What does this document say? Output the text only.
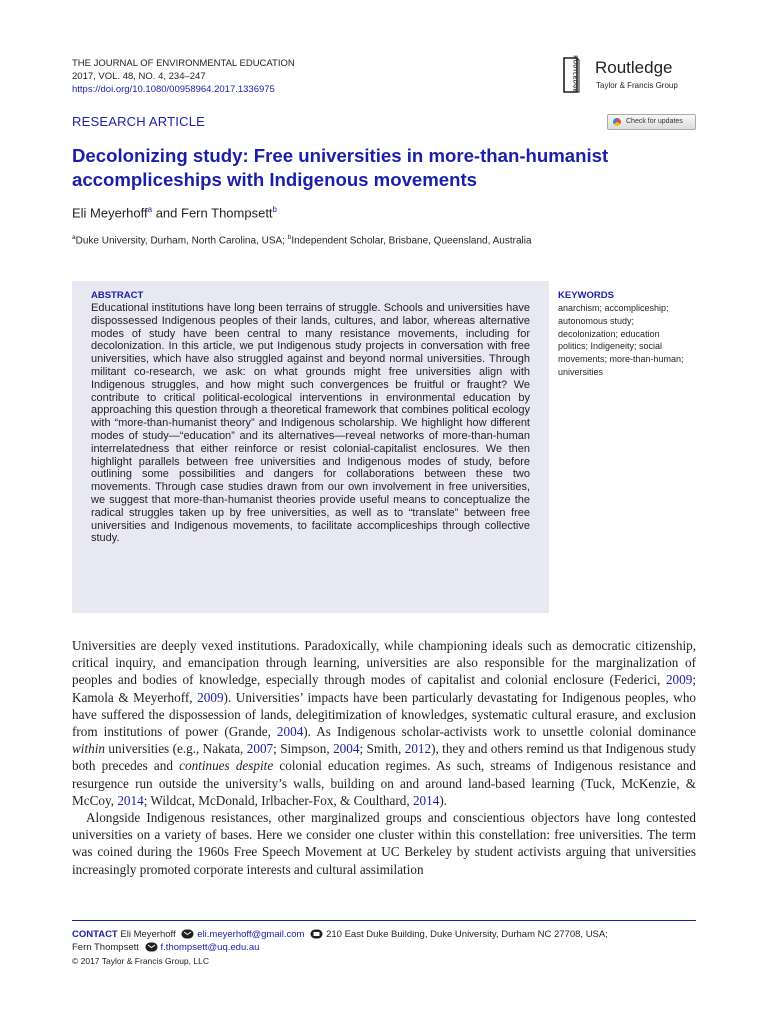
THE JOURNAL OF ENVIRONMENTAL EDUCATION
2017, VOL. 48, NO. 4, 234–247
https://doi.org/10.1080/00958964.2017.1336975	ROUTLEDGE Routledge
Taylor & Francis Group
RESEARCH ARTICLE	Check for updates
Decolonizing study: Free universities in more-than-humanist
accompliceships with Indigenous movements
Eli Meyerhoff$^a$ and Fern Thompsett$^b$
$^a$Duke University, Durham, North Carolina, USA; $^b$Independent Scholar, Brisbane, Queensland, Australia
ABSTRACT
Educational institutions have long been terrains of struggle. Schools and universities have dispossessed Indigenous peoples of their lands, cultures, and labor, whereas alternative modes of study have been central to many resistance movements, including for decolonization. In this article, we put Indigenous study projects in conversation with free universities, which have also struggled against and beyond normal universities. Through militant co-research, we ask: on what grounds might free universities align with Indigenous struggles, and how might such convergences be fruitful or fraught? We contribute to critical political-ecological interventions in environmental education by approaching this question through a theoretical framework that combines political ecology with “more-than-humanist theory” and Indigenous scholarship. We highlight how different modes of study—“education” and its alternatives—reveal networks of more-than-human interrelatedness that either reinforce or resist colonial-capitalist enclosures. We then highlight parallels between free universities and Indigenous modes of study, before outlining some possibilities and dangers for collaborations between these two movements. Through case studies drawn from our own involvement in free universities, we suggest that more-than-humanist theories provide useful means to conceptualize the radical struggles taken up by free universities, as well as to “translate” between free universities and Indigenous movements, to facilitate accompliceships through collective study.
KEYWORDS
anarchism; accompliceship; autonomous study; decolonization; education politics; Indigeneity; social movements; more-than-human; universities

Universities are deeply vexed institutions. Paradoxically, while championing ideals such as democratic citizenship, critical inquiry, and emancipation through learning, universities are also responsible for the marginalization of peoples and bodies of knowledge, especially through modes of capitalist and colonial enclosure (Federici, 2009; Kamola & Meyerhoff, 2009). Universities’ impacts have been particularly devastating for Indigenous peoples, who have suffered the dispossession of lands, delegitimization of knowledges, systematic cultural erasure, and exclusion from institutions of power (Grande, 2004). As Indigenous scholar-activists work to unsettle colonial dominance within universities (e.g., Nakata, 2007; Simpson, 2004; Smith, 2012), they and others remind us that Indigenous study both precedes and continues despite colonial education regimes. As such, streams of Indigenous resistance and resurgence run outside the university’s walls, building on and around land-based learning (Tuck, McKenzie, & McCoy, 2014; Wildcat, McDonald, Irlbacher-Fox, & Coulthard, 2014).

Alongside Indigenous resistances, other marginalized groups and conscientious objectors have long contested universities on a variety of bases. Here we consider one cluster within this constellation: free universities. The term was coined during the 1960s Free Speech Movement at UC Berkeley by student activists arguing that universities increasingly promoted corporate interests and cultural assimilation

CONTACT Eli Meyerhoff eli.meyerhoff@gmail.com 210 East Duke Building, Duke University, Durham NC 27708, USA;
Fern Thompsett f.thompsett@uq.edu.au
© 2017 Taylor & Francis Group, LLC
